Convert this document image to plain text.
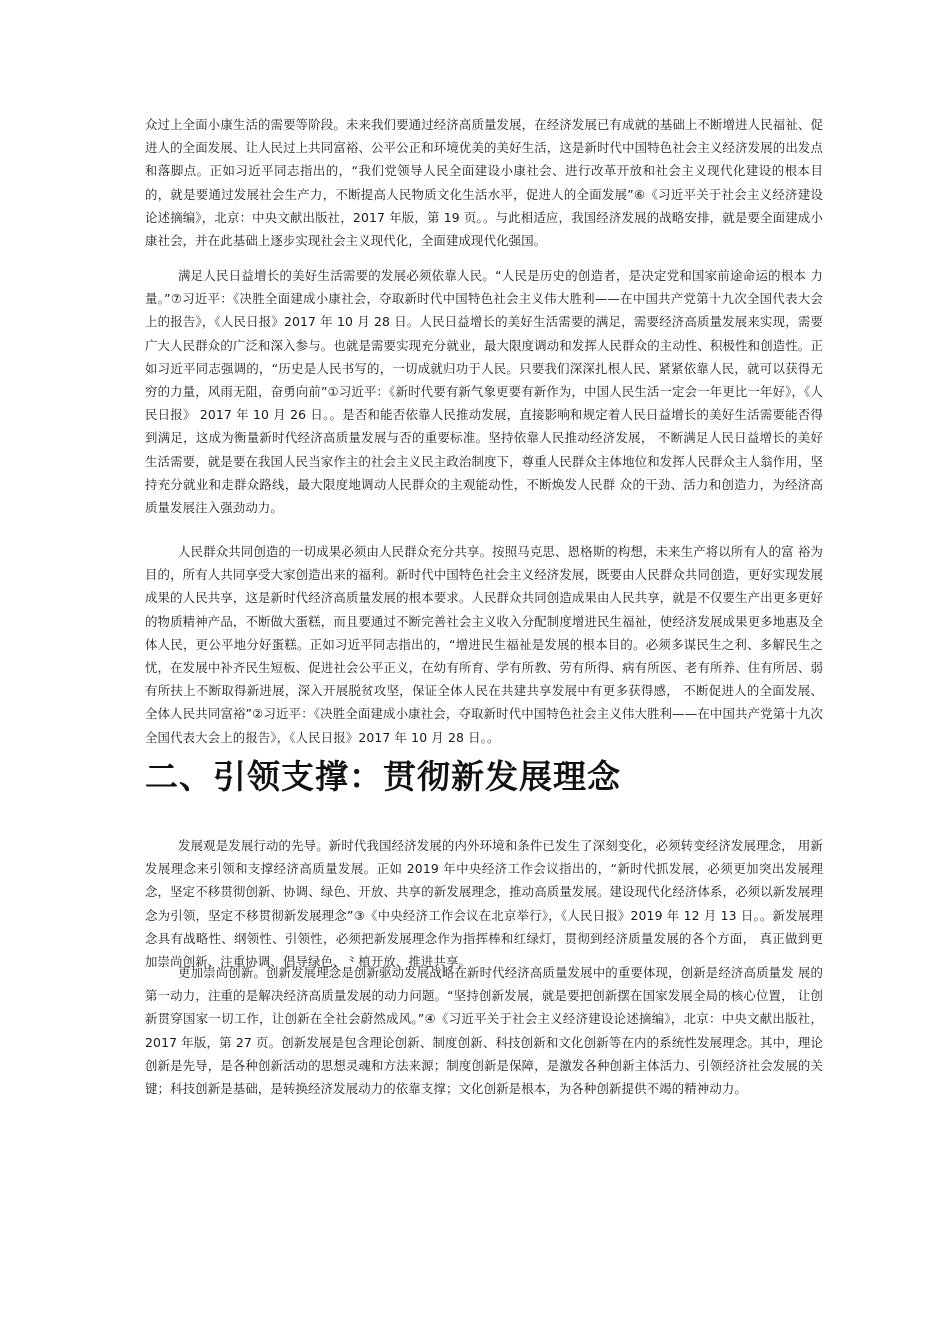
众过上全面小康生活的需要等阶段。未来我们要通过经济高质量发展，在经济发展已有成就的基础上不断增进人民福祉、促进人的全面发展、让人民过上共同富裕、公平公正和环境优美的美好生活，这是新时代中国特色社会主义经济发展的出发点和落脚点。正如习近平同志指出的，“我们党领导人民全面建设小康社会、进行改革开放和社会主义现代化建设的根本目的，就是要通过发展社会生产力，不断提高人民物质文化生活水平，促进人的全面发展”⑥《习近平关于社会主义经济建设论述摘编》，北京：中央文献出版社，2017 年版，第 19 页。。与此相适应，我国经济发展的战略安排，就是要全面建成小康社会，并在此基础上逐步实现社会主义现代化，全面建成现代化强国。

满足人民日益增长的美好生活需要的发展必须依靠人民。“人民是历史的创造者，是决定党和国家前途命运的根本 力量。”⑦习近平：《决胜全面建成小康社会，夺取新时代中国特色社会主义伟大胜利——在中国共产党第十九次全国代表大会上的报告》，《人民日报》2017 年 10 月 28 日。人民日益增长的美好生活需要的满足，需要经济高质量发展来实现，需要广大人民群众的广泛和深入参与。也就是需要实现充分就业，最大限度调动和发挥人民群众的主动性、积极性和创造性。正如习近平同志强调的，“历史是人民书写的，一切成就归功于人民。只要我们深深扎根人民、紧紧依靠人民，就可以获得无穷的力量，风雨无阻，奋勇向前”①习近平：《新时代要有新气象更要有新作为，中国人民生活一定会一年更比一年好》，《人民日报》 2017 年 10 月 26 日。。是否和能否依靠人民推动发展，直接影响和规定着人民日益增长的美好生活需要能否得到满足，这成为衡量新时代经济高质量发展与否的重要标准。坚持依靠人民推动经济发展， 不断满足人民日益增长的美好生活需要，就是要在我国人民当家作主的社会主义民主政治制度下，尊重人民群众主体地位和发挥人民群众主人翁作用，坚持充分就业和走群众路线，最大限度地调动人民群众的主观能动性，不断焕发人民群 众的干劲、活力和创造力，为经济高质量发展注入强劲动力。

人民群众共同创造的一切成果必须由人民群众充分共享。按照马克思、恩格斯的构想，未来生产将以所有人的富 裕为目的，所有人共同享受大家创造出来的福利。新时代中国特色社会主义经济发展，既要由人民群众共同创造，更好实现发展成果的人民共享，这是新时代经济高质量发展的根本要求。人民群众共同创造成果由人民共享，就是不仅要生产出更多更好的物质精神产品，不断做大蛋糕，而且要通过不断完善社会主义收入分配制度增进民生福祉，使经济发展成果更多地惠及全体人民，更公平地分好蛋糕。正如习近平同志指出的，“增进民生福祉是发展的根本目的。必须多谋民生之利、多解民生之忧，在发展中补齐民生短板、促进社会公平正义，在幼有所育、学有所教、劳有所得、病有所医、老有所养、住有所居、弱有所扶上不断取得新进展，深入开展脱贫攻坚，保证全体人民在共建共享发展中有更多获得感， 不断促进人的全面发展、全体人民共同富裕”②习近平：《决胜全面建成小康社会，夺取新时代中国特色社会主义伟大胜利——在中国共产党第十九次全国代表大会上的报告》，《人民日报》2017 年 10 月 28 日。。

二、引领支撑：贯彻新发展理念

发展观是发展行动的先导。新时代我国经济发展的内外环境和条件已发生了深刻变化，必须转变经济发展理念， 用新发展理念来引领和支撑经济高质量发展。正如 2019 年中央经济工作会议指出的，“新时代抓发展，必须更加突出发展理念，坚定不移贯彻创新、协调、绿色、开放、共享的新发展理念，推动高质量发展。建设现代化经济体系，必须以新发展理念为引领，坚定不移贯彻新发展理念”③《中央经济工作会议在北京举行》，《人民日报》2019 年 12 月 13 日。。新发展理念具有战略性、纲领性、引领性，必须把新发展理念作为指挥棒和红绿灯，贯彻到经济质量发展的各个方面， 真正做到更加崇尚创新、注重协调、倡导绿色、⺀植开放、推进共享。

更加崇尚创新。创新发展理念是创新驱动发展战略在新时代经济高质量发展中的重要体现，创新是经济高质量发 展的第一动力，注重的是解决经济高质量发展的动力问题。“坚持创新发展，就是要把创新摆在国家发展全局的核心位置， 让创新贯穿国家一切工作，让创新在全社会蔚然成风。”④《习近平关于社会主义经济建设论述摘编》，北京：中央文献出版社，2017 年版，第 27 页。创新发展是包含理论创新、制度创新、科技创新和文化创新等在内的系统性发展理念。其中，理论创新是先导，是各种创新活动的思想灵魂和方法来源；制度创新是保障，是激发各种创新主体活力、引领经济社会发展的关键；科技创新是基础，是转换经济发展动力的依靠支撑；文化创新是根本，为各种创新提供不竭的精神动力。
